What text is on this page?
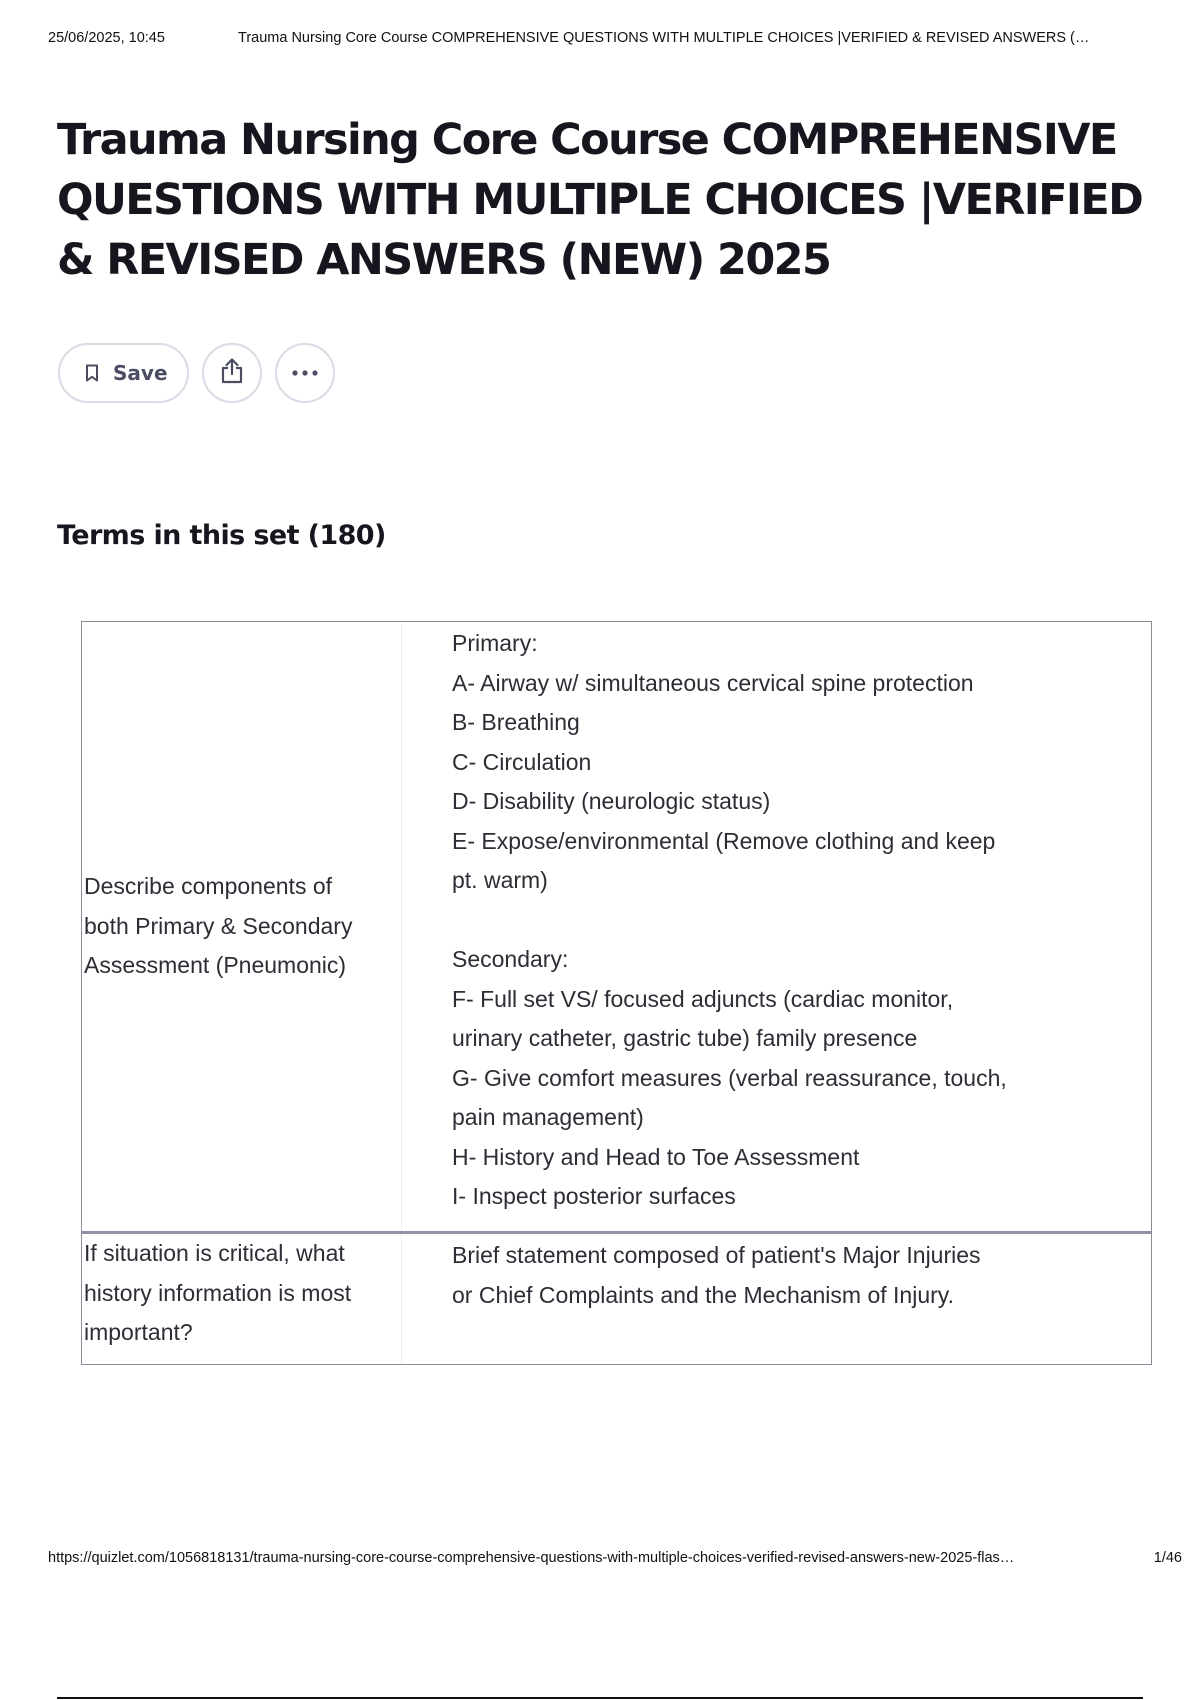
25/06/2025, 10:45	Trauma Nursing Core Course COMPREHENSIVE QUESTIONS WITH MULTIPLE CHOICES |VERIFIED & REVISED ANSWERS (…
Trauma Nursing Core Course COMPREHENSIVE
QUESTIONS WITH MULTIPLE CHOICES |VERIFIED
& REVISED ANSWERS (NEW) 2025
Save
Terms in this set (180)
Describe components of
both Primary & Secondary
Assessment (Pneumonic)
Primary:
A- Airway w/ simultaneous cervical spine protection
B- Breathing
C- Circulation
D- Disability (neurologic status)
E- Expose/environmental (Remove clothing and keep
pt. warm)
Secondary:
F- Full set VS/ focused adjuncts (cardiac monitor,
urinary catheter, gastric tube) family presence
G- Give comfort measures (verbal reassurance, touch,
pain management)
H- History and Head to Toe Assessment
I- Inspect posterior surfaces
If situation is critical, what
history information is most
important?
Brief statement composed of patient's Major Injuries
or Chief Complaints and the Mechanism of Injury.
https://quizlet.com/1056818131/trauma-nursing-core-course-comprehensive-questions-with-multiple-choices-verified-revised-answers-new-2025-flas…	1/46
